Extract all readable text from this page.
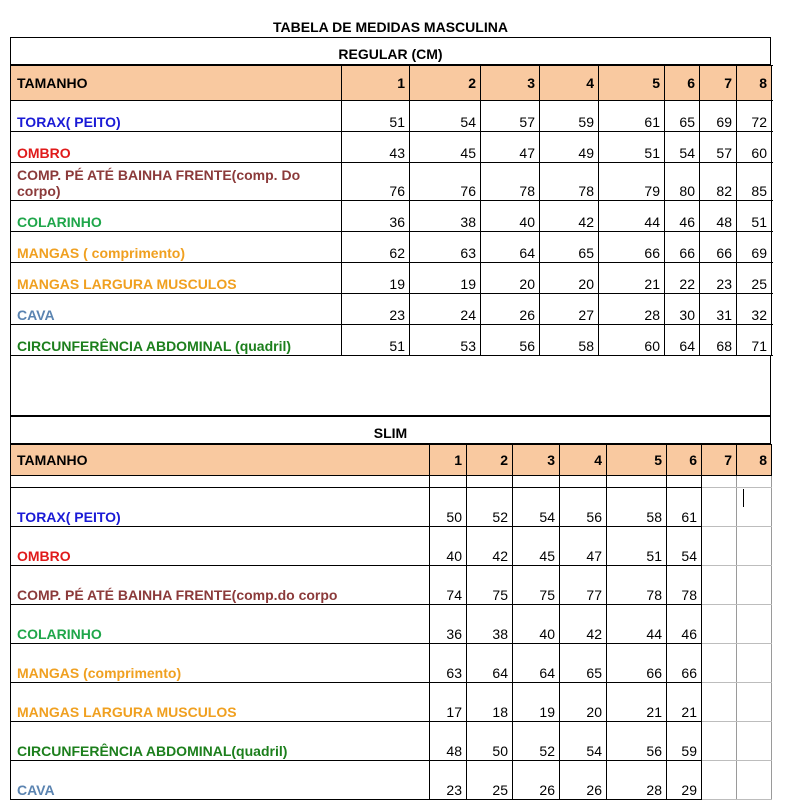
TABELA DE MEDIDAS MASCULINA
REGULAR (CM)
TAMANHO	1	2	3	4	5	6	7	8
TORAX( PEITO)	51	54	57	59	61	65	69	72
OMBRO	43	45	47	49	51	54	57	60
COMP. PÉ ATÉ BAINHA FRENTE(comp. Do corpo)	76	76	78	78	79	80	82	85
COLARINHO	36	38	40	42	44	46	48	51
MANGAS ( comprimento)	62	63	64	65	66	66	66	69
MANGAS LARGURA MUSCULOS	19	19	20	20	21	22	23	25
CAVA	23	24	26	27	28	30	31	32
CIRCUNFERÊNCIA ABDOMINAL (quadril)	51	53	56	58	60	64	68	71
SLIM
TAMANHO	1	2	3	4	5	6	7	8

TORAX( PEITO)	50	52	54	56	58	61		
OMBRO	40	42	45	47	51	54		
COMP. PÉ ATÉ BAINHA FRENTE(comp.do corpo	74	75	75	77	78	78		
COLARINHO	36	38	40	42	44	46		
MANGAS (comprimento)	63	64	64	65	66	66		
MANGAS LARGURA MUSCULOS	17	18	19	20	21	21		
CIRCUNFERÊNCIA ABDOMINAL(quadril)	48	50	52	54	56	59		
CAVA	23	25	26	26	28	29		
